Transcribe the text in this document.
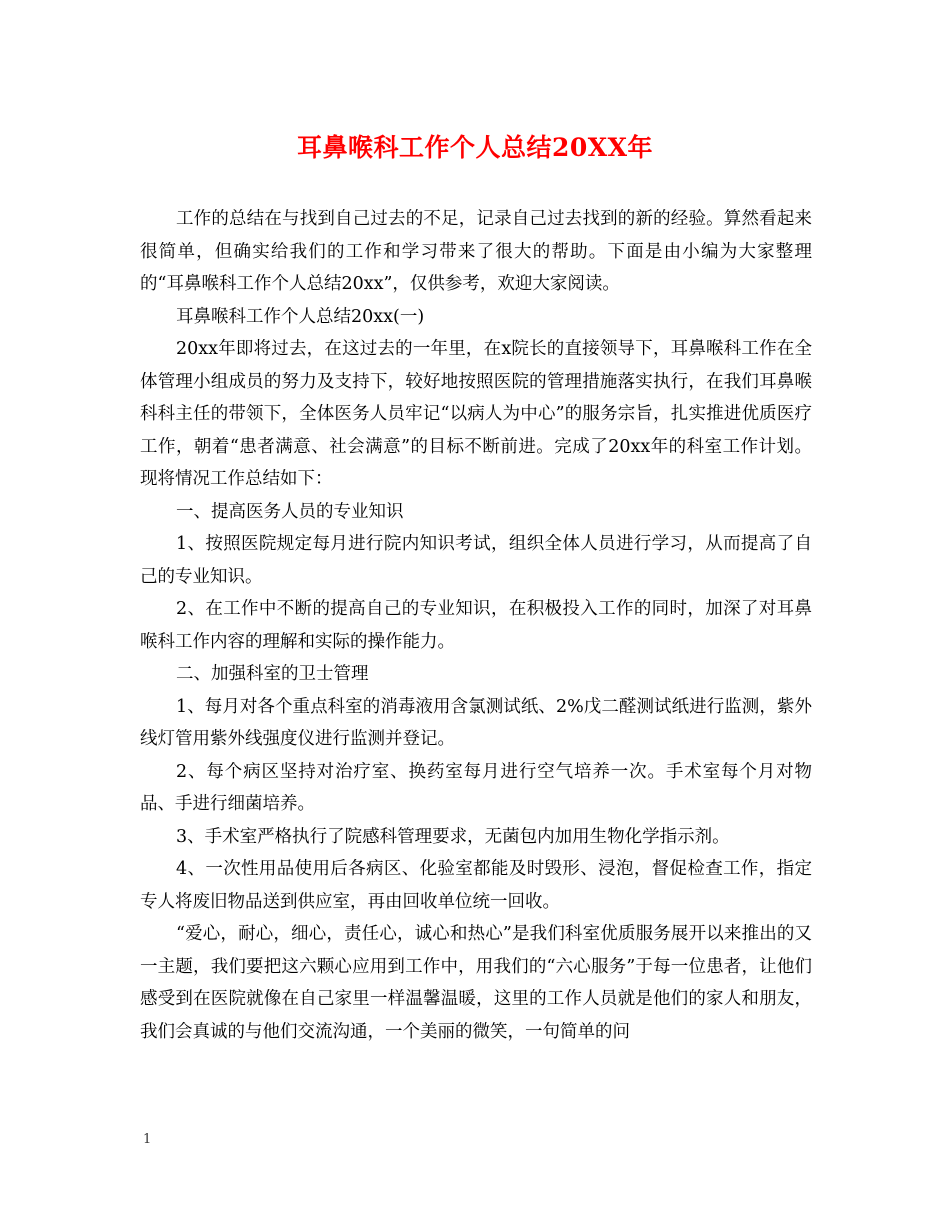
耳鼻喉科工作个人总结20XX年

工作的总结在与找到自己过去的不足，记录自己过去找到的新的经验。算然看起来很简单，但确实给我们的工作和学习带来了很大的帮助。下面是由小编为大家整理的“耳鼻喉科工作个人总结20xx”，仅供参考，欢迎大家阅读。

耳鼻喉科工作个人总结20xx(一)

20xx年即将过去，在这过去的一年里，在x院长的直接领导下，耳鼻喉科工作在全体管理小组成员的努力及支持下，较好地按照医院的管理措施落实执行，在我们耳鼻喉科科主任的带领下，全体医务人员牢记“以病人为中心”的服务宗旨，扎实推进优质医疗工作，朝着“患者满意、社会满意”的目标不断前进。完成了20xx年的科室工作计划。现将情况工作总结如下：

一、提高医务人员的专业知识

1、按照医院规定每月进行院内知识考试，组织全体人员进行学习，从而提高了自己的专业知识。

2、在工作中不断的提高自己的专业知识，在积极投入工作的同时，加深了对耳鼻喉科工作内容的理解和实际的操作能力。

二、加强科室的卫士管理

1、每月对各个重点科室的消毒液用含氯测试纸、2%戊二醛测试纸进行监测，紫外线灯管用紫外线强度仪进行监测并登记。

2、每个病区坚持对治疗室、换药室每月进行空气培养一次。手术室每个月对物品、手进行细菌培养。

3、手术室严格执行了院感科管理要求，无菌包内加用生物化学指示剂。

4、一次性用品使用后各病区、化验室都能及时毁形、浸泡，督促检查工作，指定专人将废旧物品送到供应室，再由回收单位统一回收。

“爱心，耐心，细心，责任心，诚心和热心”是我们科室优质服务展开以来推出的又一主题，我们要把这六颗心应用到工作中，用我们的“六心服务”于每一位患者，让他们感受到在医院就像在自己家里一样温馨温暖，这里的工作人员就是他们的家人和朋友，我们会真诚的与他们交流沟通，一个美丽的微笑，一句简单的问

1
